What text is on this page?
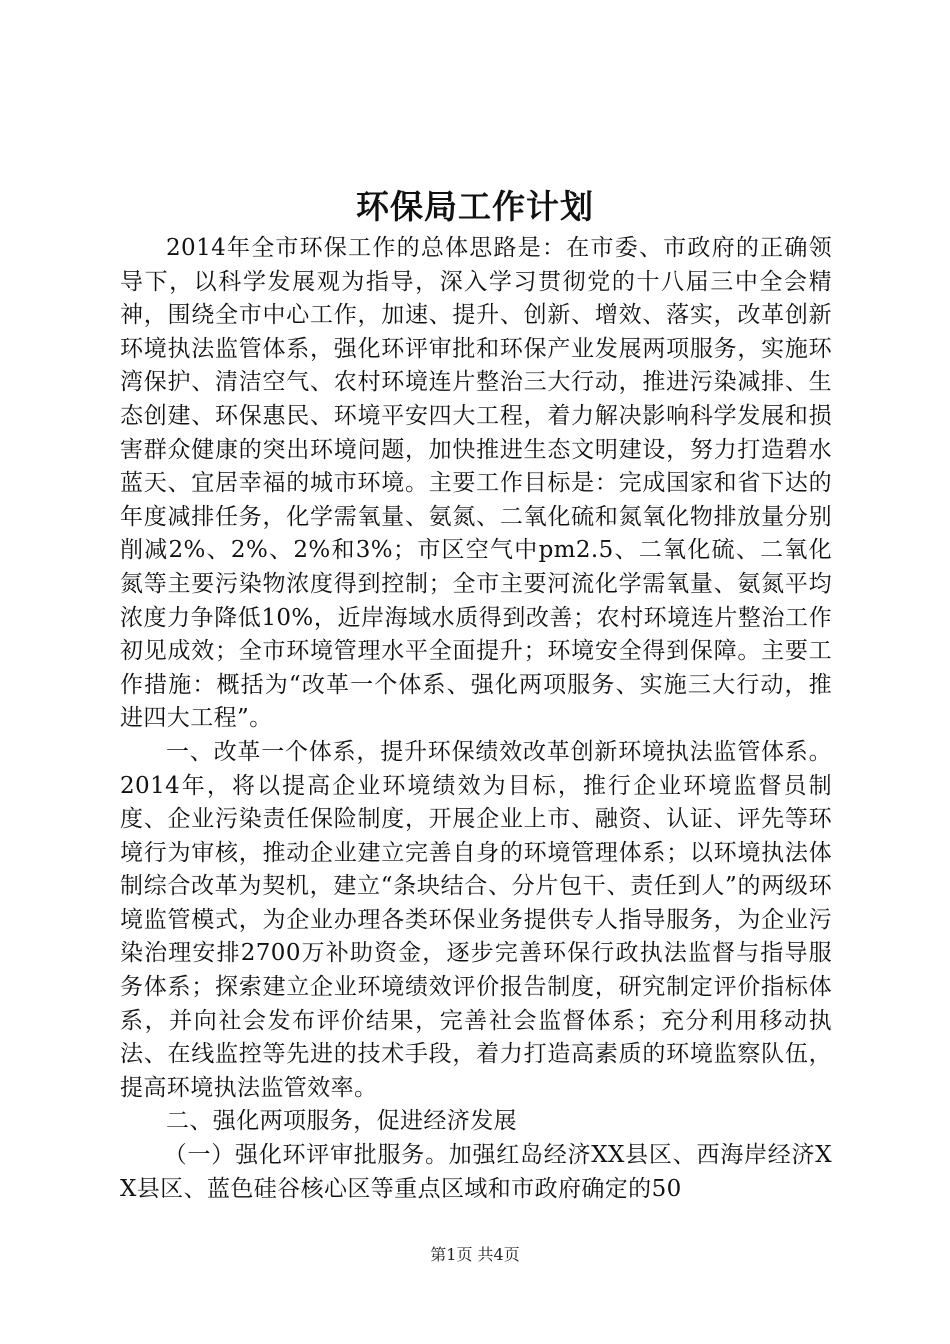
环保局工作计划

2014年全市环保工作的总体思路是：在市委、市政府的正确领导下，以科学发展观为指导，深入学习贯彻党的十八届三中全会精神，围绕全市中心工作，加速、提升、创新、增效、落实，改革创新环境执法监管体系，强化环评审批和环保产业发展两项服务，实施环湾保护、清洁空气、农村环境连片整治三大行动，推进污染减排、生态创建、环保惠民、环境平安四大工程，着力解决影响科学发展和损害群众健康的突出环境问题，加快推进生态文明建设，努力打造碧水蓝天、宜居幸福的城市环境。主要工作目标是：完成国家和省下达的年度减排任务，化学需氧量、氨氮、二氧化硫和氮氧化物排放量分别削减2%、2%、2%和3%；市区空气中pm2.5、二氧化硫、二氧化氮等主要污染物浓度得到控制；全市主要河流化学需氧量、氨氮平均浓度力争降低10%，近岸海域水质得到改善；农村环境连片整治工作初见成效；全市环境管理水平全面提升；环境安全得到保障。主要工作措施：概括为“改革一个体系、强化两项服务、实施三大行动，推进四大工程”。

一、改革一个体系，提升环保绩效改革创新环境执法监管体系。2014年，将以提高企业环境绩效为目标，推行企业环境监督员制度、企业污染责任保险制度，开展企业上市、融资、认证、评先等环境行为审核，推动企业建立完善自身的环境管理体系；以环境执法体制综合改革为契机，建立“条块结合、分片包干、责任到人”的两级环境监管模式，为企业办理各类环保业务提供专人指导服务，为企业污染治理安排2700万补助资金，逐步完善环保行政执法监督与指导服务体系；探索建立企业环境绩效评价报告制度，研究制定评价指标体系，并向社会发布评价结果，完善社会监督体系；充分利用移动执法、在线监控等先进的技术手段，着力打造高素质的环境监察队伍，提高环境执法监管效率。

二、强化两项服务，促进经济发展

（一）强化环评审批服务。加强红岛经济XX县区、西海岸经济XX县区、蓝色硅谷核心区等重点区域和市政府确定的50

第1页 共4页
